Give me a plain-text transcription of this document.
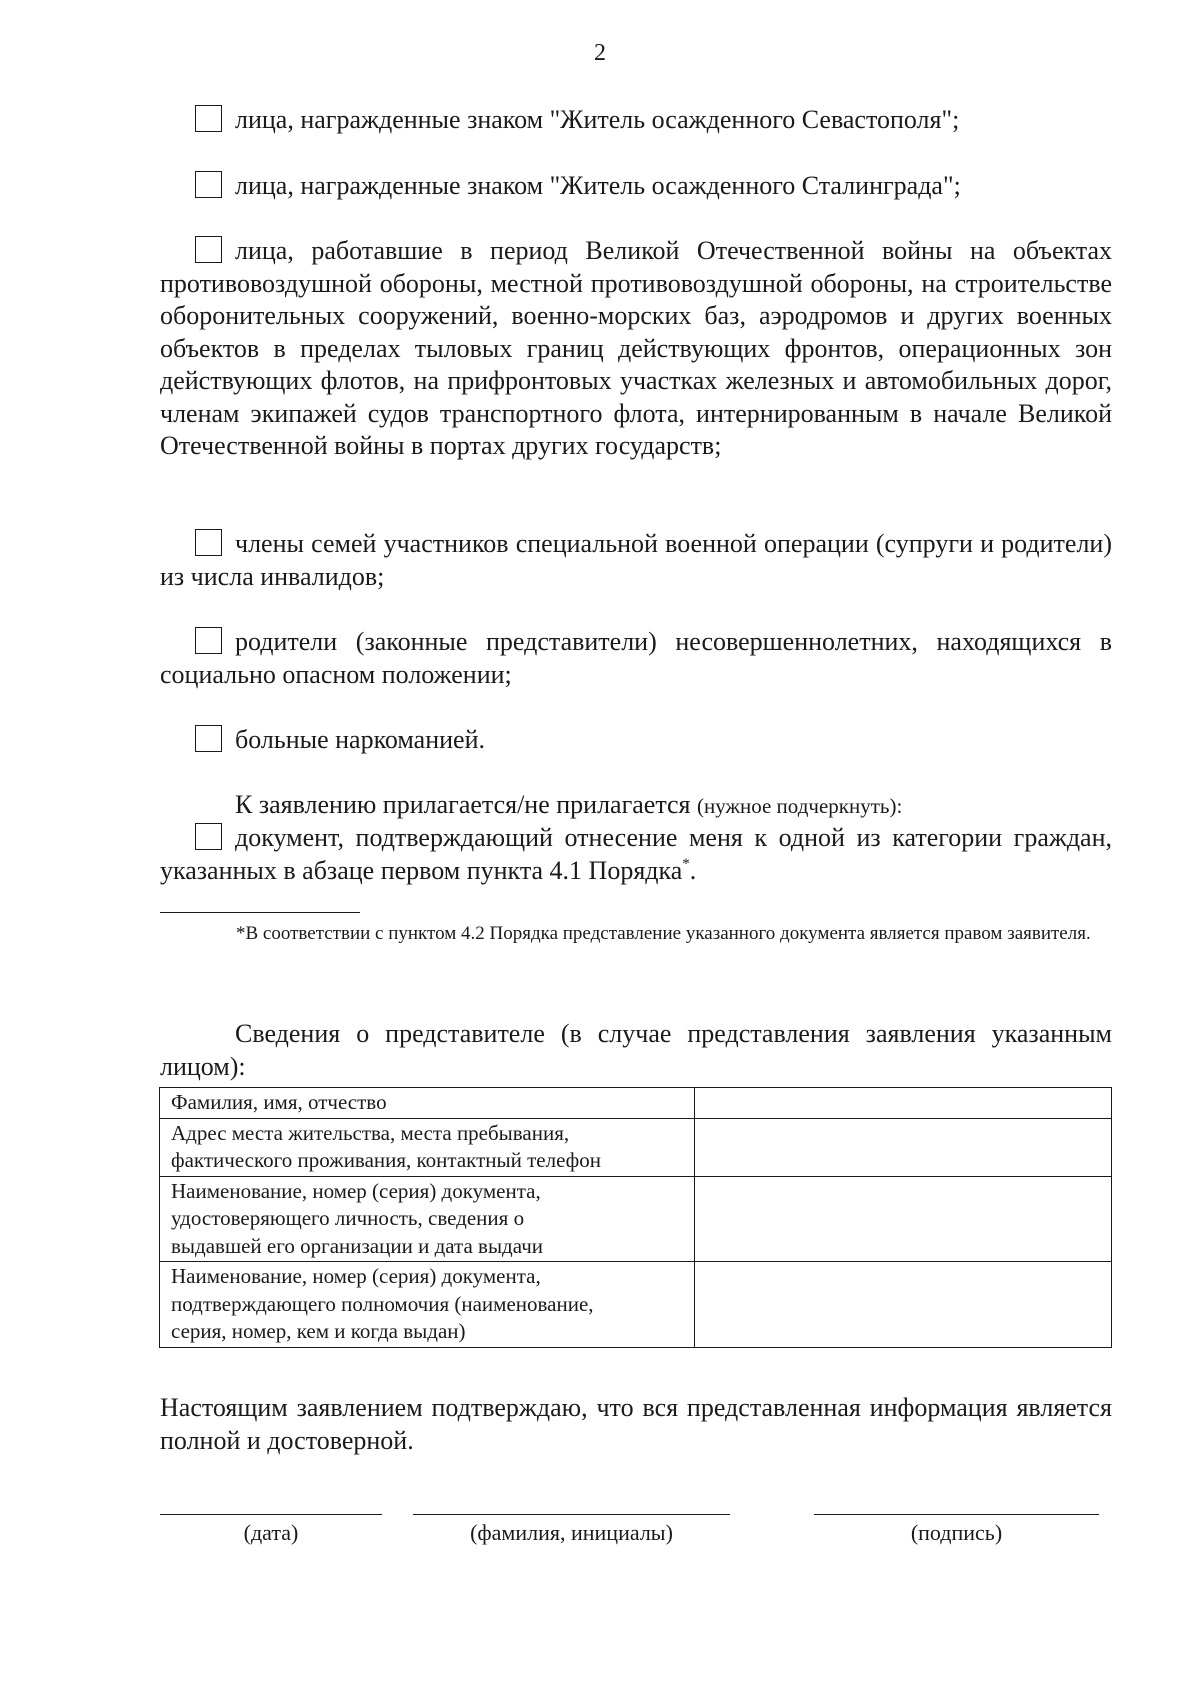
2
лица, награжденные знаком "Житель осажденного Севастополя";
лица, награжденные знаком "Житель осажденного Сталинграда";
лица, работавшие в период Великой Отечественной войны на объектах противовоздушной обороны, местной противовоздушной обороны, на строительстве оборонительных сооружений, военно-морских баз, аэродромов и других военных объектов в пределах тыловых границ действующих фронтов, операционных зон действующих флотов, на прифронтовых участках железных и автомобильных дорог, членам экипажей судов транспортного флота, интернированным в начале Великой Отечественной войны в портах других государств;
члены семей участников специальной военной операции (супруги и родители) из числа инвалидов;
родители (законные представители) несовершеннолетних, находящихся в социально опасном положении;
больные наркоманией.
К заявлению прилагается/не прилагается (нужное подчеркнуть):
документ, подтверждающий отнесение меня к одной из категории граждан, указанных в абзаце первом пункта 4.1 Порядка*.
*В соответствии с пунктом 4.2 Порядка представление указанного документа является правом заявителя.
Сведения о представителе (в случае представления заявления указанным лицом):
Фамилия, имя, отчество	

Адрес места жительства, места пребывания,
фактического проживания, контактный телефон	

Наименование, номер (серия) документа,
удостоверяющего личность, сведения о
выдавшей его организации и дата выдачи	

Наименование, номер (серия) документа,
подтверждающего полномочия (наименование,
серия, номер, кем и когда выдан)	

Настоящим заявлением подтверждаю, что вся представленная информация является полной и достоверной.
(дата)	(фамилия, инициалы)	(подпись)
